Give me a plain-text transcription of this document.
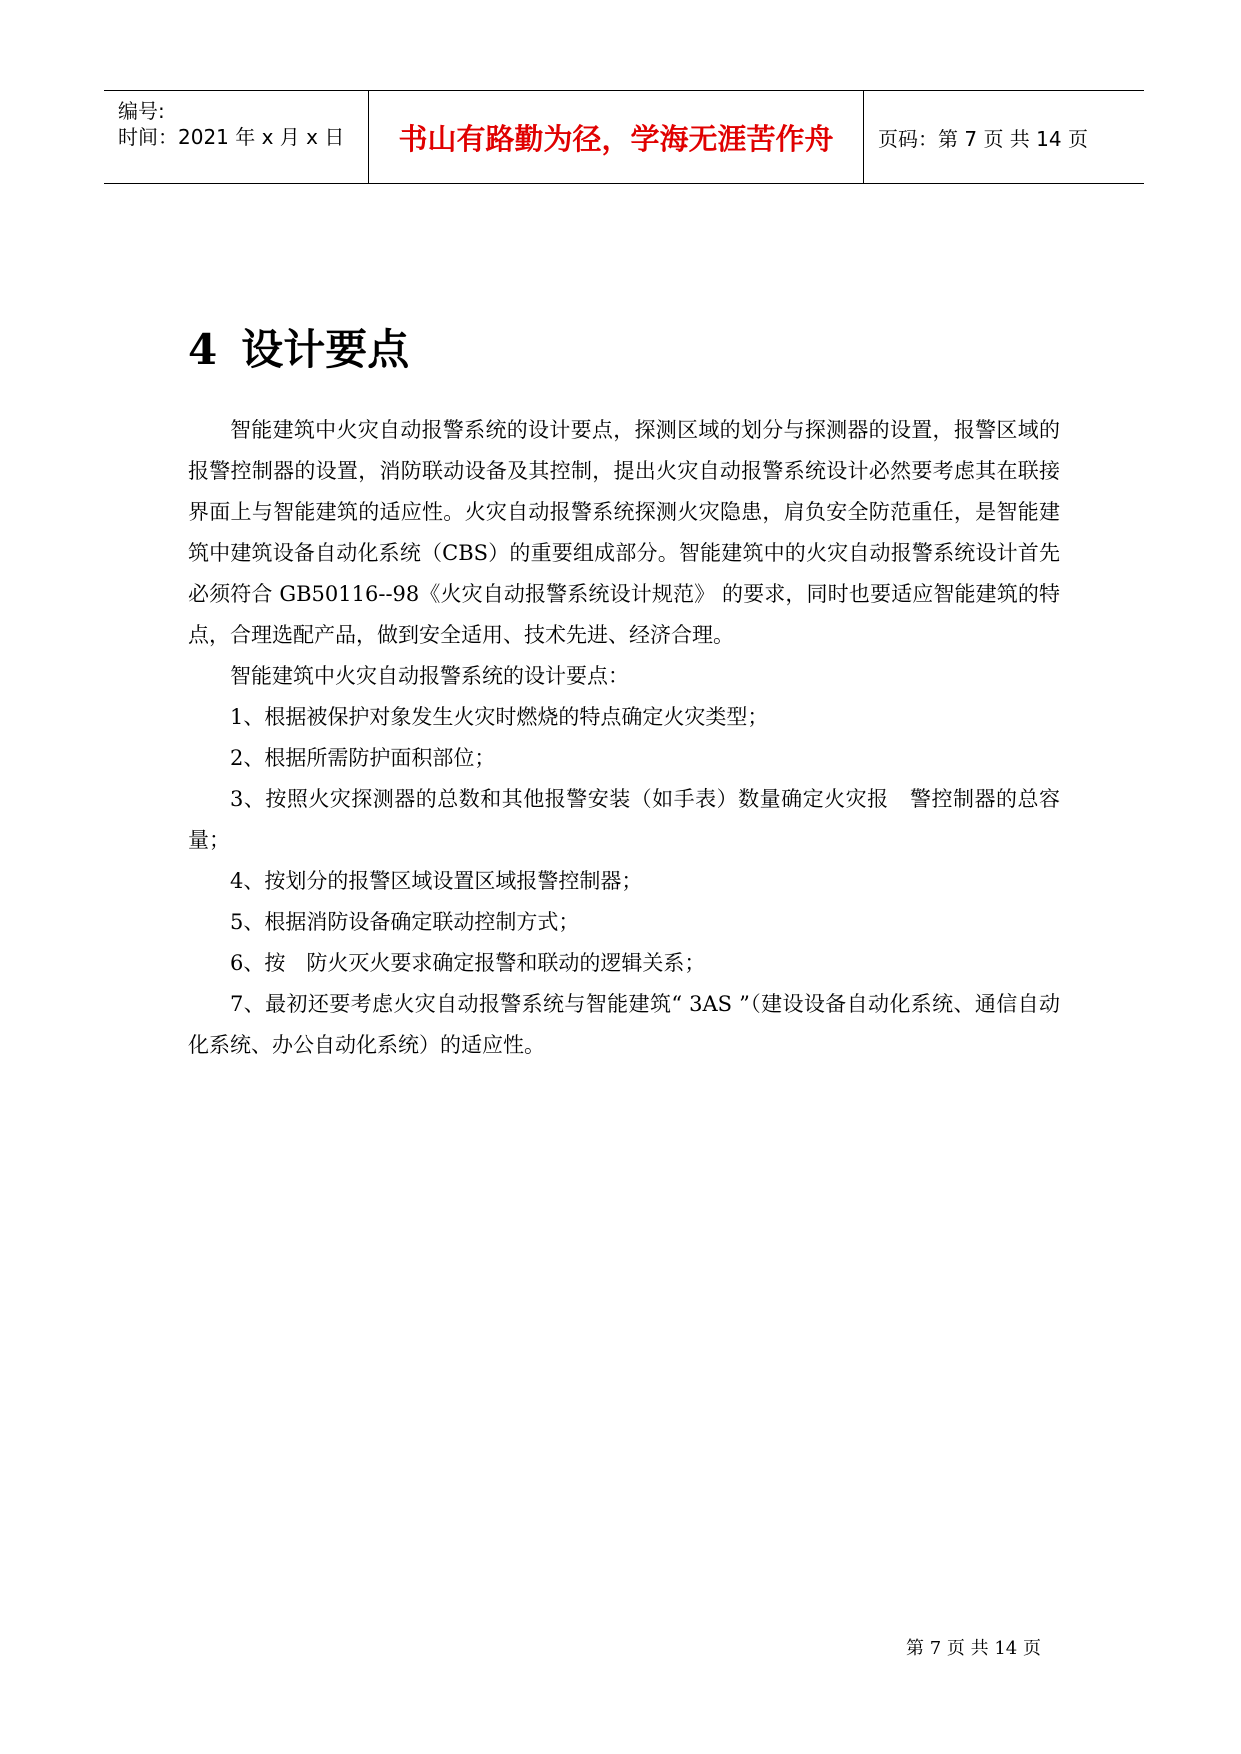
编号:
时间：2021 年 x 月 x 日	书山有路勤为径，学海无涯苦作舟	页码：第 7 页 共 14 页
4 设计要点

智能建筑中火灾自动报警系统的设计要点，探测区域的划分与探测器的设置，报警区域的报警控制器的设置，消防联动设备及其控制，提出火灾自动报警系统设计必然要考虑其在联接界面上与智能建筑的适应性。火灾自动报警系统探测火灾隐患，肩负安全防范重任，是智能建筑中建筑设备自动化系统（CBS）的重要组成部分。智能建筑中的火灾自动报警系统设计首先必须符合 GB50116--98《火灾自动报警系统设计规范》 的要求，同时也要适应智能建筑的特点，合理选配产品，做到安全适用、技术先进、经济合理。

智能建筑中火灾自动报警系统的设计要点：

1、根据被保护对象发生火灾时燃烧的特点确定火灾类型；

2、根据所需防护面积部位；

3、按照火灾探测器的总数和其他报警安装（如手表）数量确定火灾报　警控制器的总容量；

4、按划分的报警区域设置区域报警控制器；

5、根据消防设备确定联动控制方式；

6、按　防火灭火要求确定报警和联动的逻辑关系；

7、最初还要考虑火灾自动报警系统与智能建筑“ 3AS ”（建设设备自动化系统、通信自动化系统、办公自动化系统）的适应性。

第 7 页 共 14 页
